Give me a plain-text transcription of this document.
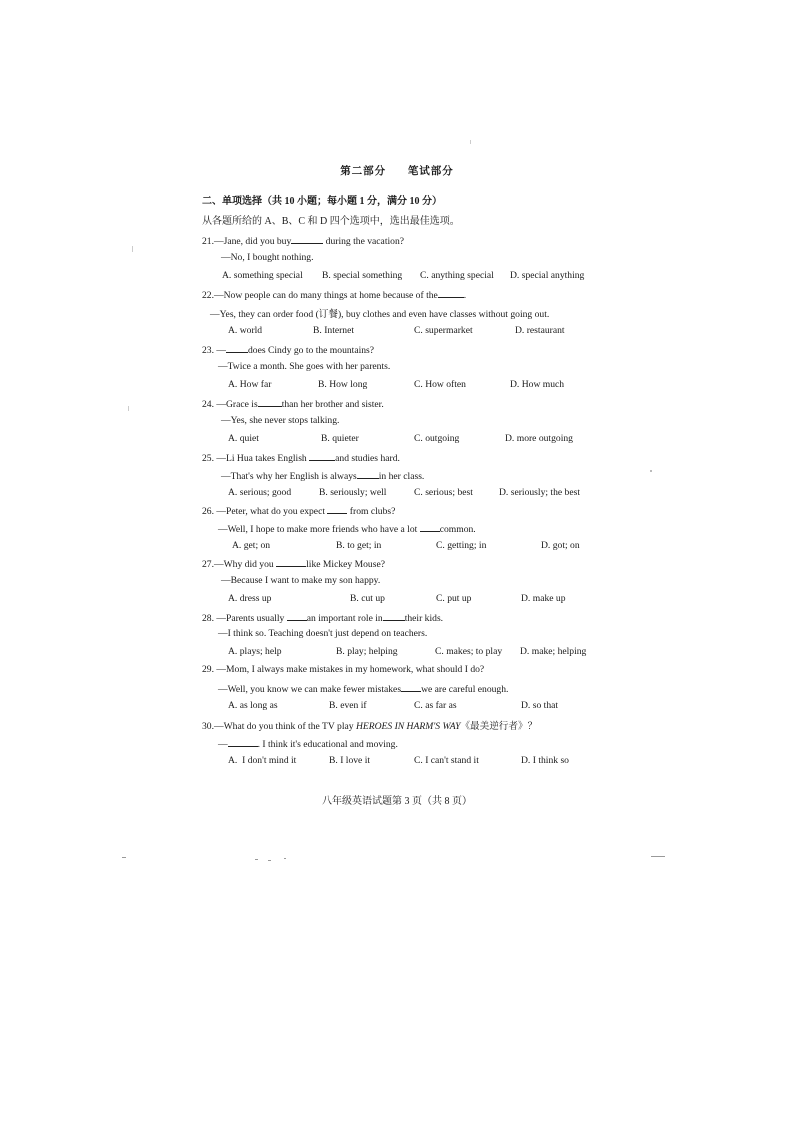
第二部分 笔试部分
二、单项选择（共 10 小题；每小题 1 分，满分 10 分）
从各题所给的 A、B、C 和 D 四个选项中，选出最佳选项。
21.—Jane, did you buy	during the vacation?
—No, I bought nothing.
A. something special B. special something C. anything special D. special anything
22.—Now people can do many things at home because of the	.
—Yes, they can order food (订餐), buy clothes and even have classes without going out.
A. world	B. Internet	C. supermarket	D. restaurant
23. — does Cindy go to the mountains?
—Twice a month. She goes with her parents.
A. How far	B. How long	C. How often	D. How much
24. —Grace is	than her brother and sister.
—Yes, she never stops talking.
A. quiet	B. quieter	C. outgoing	D. more outgoing
25. —Li Hua takes English	and studies hard.
—That's why her English is always in her class.
A. serious; good	B. seriously; well	C. serious; best	D. seriously; the best
26. —Peter, what do you expect  from clubs?
—Well, I hope to make more friends who have a lot common.
A. get; on	B. to get; in	C. getting; in	D. got; on
27.—Why did you	like Mickey Mouse?
—Because I want to make my son happy.
A. dress up	B. cut up	C. put up	D. make up
28. —Parents usually an important role in their kids.
—I think so. Teaching doesn't just depend on teachers.
A. plays; help	B. play; helping	C. makes; to play D. make; helping
29. —Mom, I always make mistakes in my homework, what should I do?
—Well, you know we can make fewer mistakes we are careful enough.
A. as long as	B. even if	C. as far as	D. so that
30.—What do you think of the TV play HEROES IN HARM'S WAY《最美逆行者》？
—	. I think it's educational and moving.
A.  I don't mind it	B. I love it	C. I can't stand it	D. I think so
八年级英语试题第 3 页（共 8 页）
